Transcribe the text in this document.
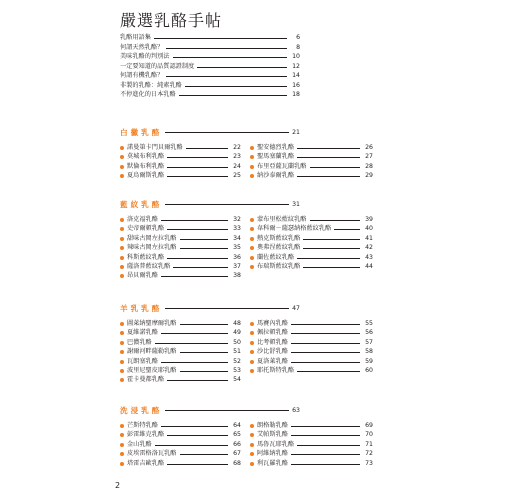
嚴選乳酪手帖
乳酪用語集	6
何謂天然乳酪？	8
美味乳酪的判別法	10
一定要知道的品質認證制度	12
何謂有機乳酪？	14
非製的乳酪：純素乳酪	16
不停進化的日本乳酪	18
白黴乳酪	21
諾曼第卡門貝爾乳酪	22
莫城布利乳酪	23
默倫布利乳酪	24
夏烏爾斯乳酪	25
聖安德烈乳酪	26
聖馬塞蘭乳酪	27
布里亞薩瓦蘭乳酪	28
納沙泰爾乳酪	29
藍紋乳酪	31
洛克福乳酪	32
史帝爾頓乳酪	33
甜味古岡左拉乳酪	34
辣味古岡左拉乳酪	35
科斯藍紋乳酪	36
薩洛普藍紋乳酪	37
昂貝爾乳酪	38
蒙布里松藍紋乳酪	39
韋科爾－薩瑟納格藍紋乳酪	40
熱克斯藍紋乳酪	41
奧弗涅藍紋乳酪	42
蘭佐藍紋乳酪	43
布瑞斯藍紋乳酪	44
羊乳乳酪	47
圖萊納聖摩爾乳酪	48
夏維諾乳酪	49
巴儂乳酪	50
謝爾河畔薩勒乳酪	51
瓦朗塞乳酪	52
波里尼聖皮耶乳酪	53
霍卡曼都乳酪	54
馬賽內乳酪	55
佩拉頓乳酪	56
比考頓乳酪	57
沙比舒乳酪	58
夏洛萊乳酪	59
耶托斯特乳酪	60
洗浸乳酪	63
芒斯特乳酪	64
彭雷維克乳酪	65
金山乳酪	66
皮埃雷格洛瓦乳酪	67
塔雷吉歐乳酪	68
朗格勒乳酪	69
艾帕斯乳酪	70
馬魯瓦耶乳酪	71
阿維納乳酪	72
利瓦羅乳酪	73
2
